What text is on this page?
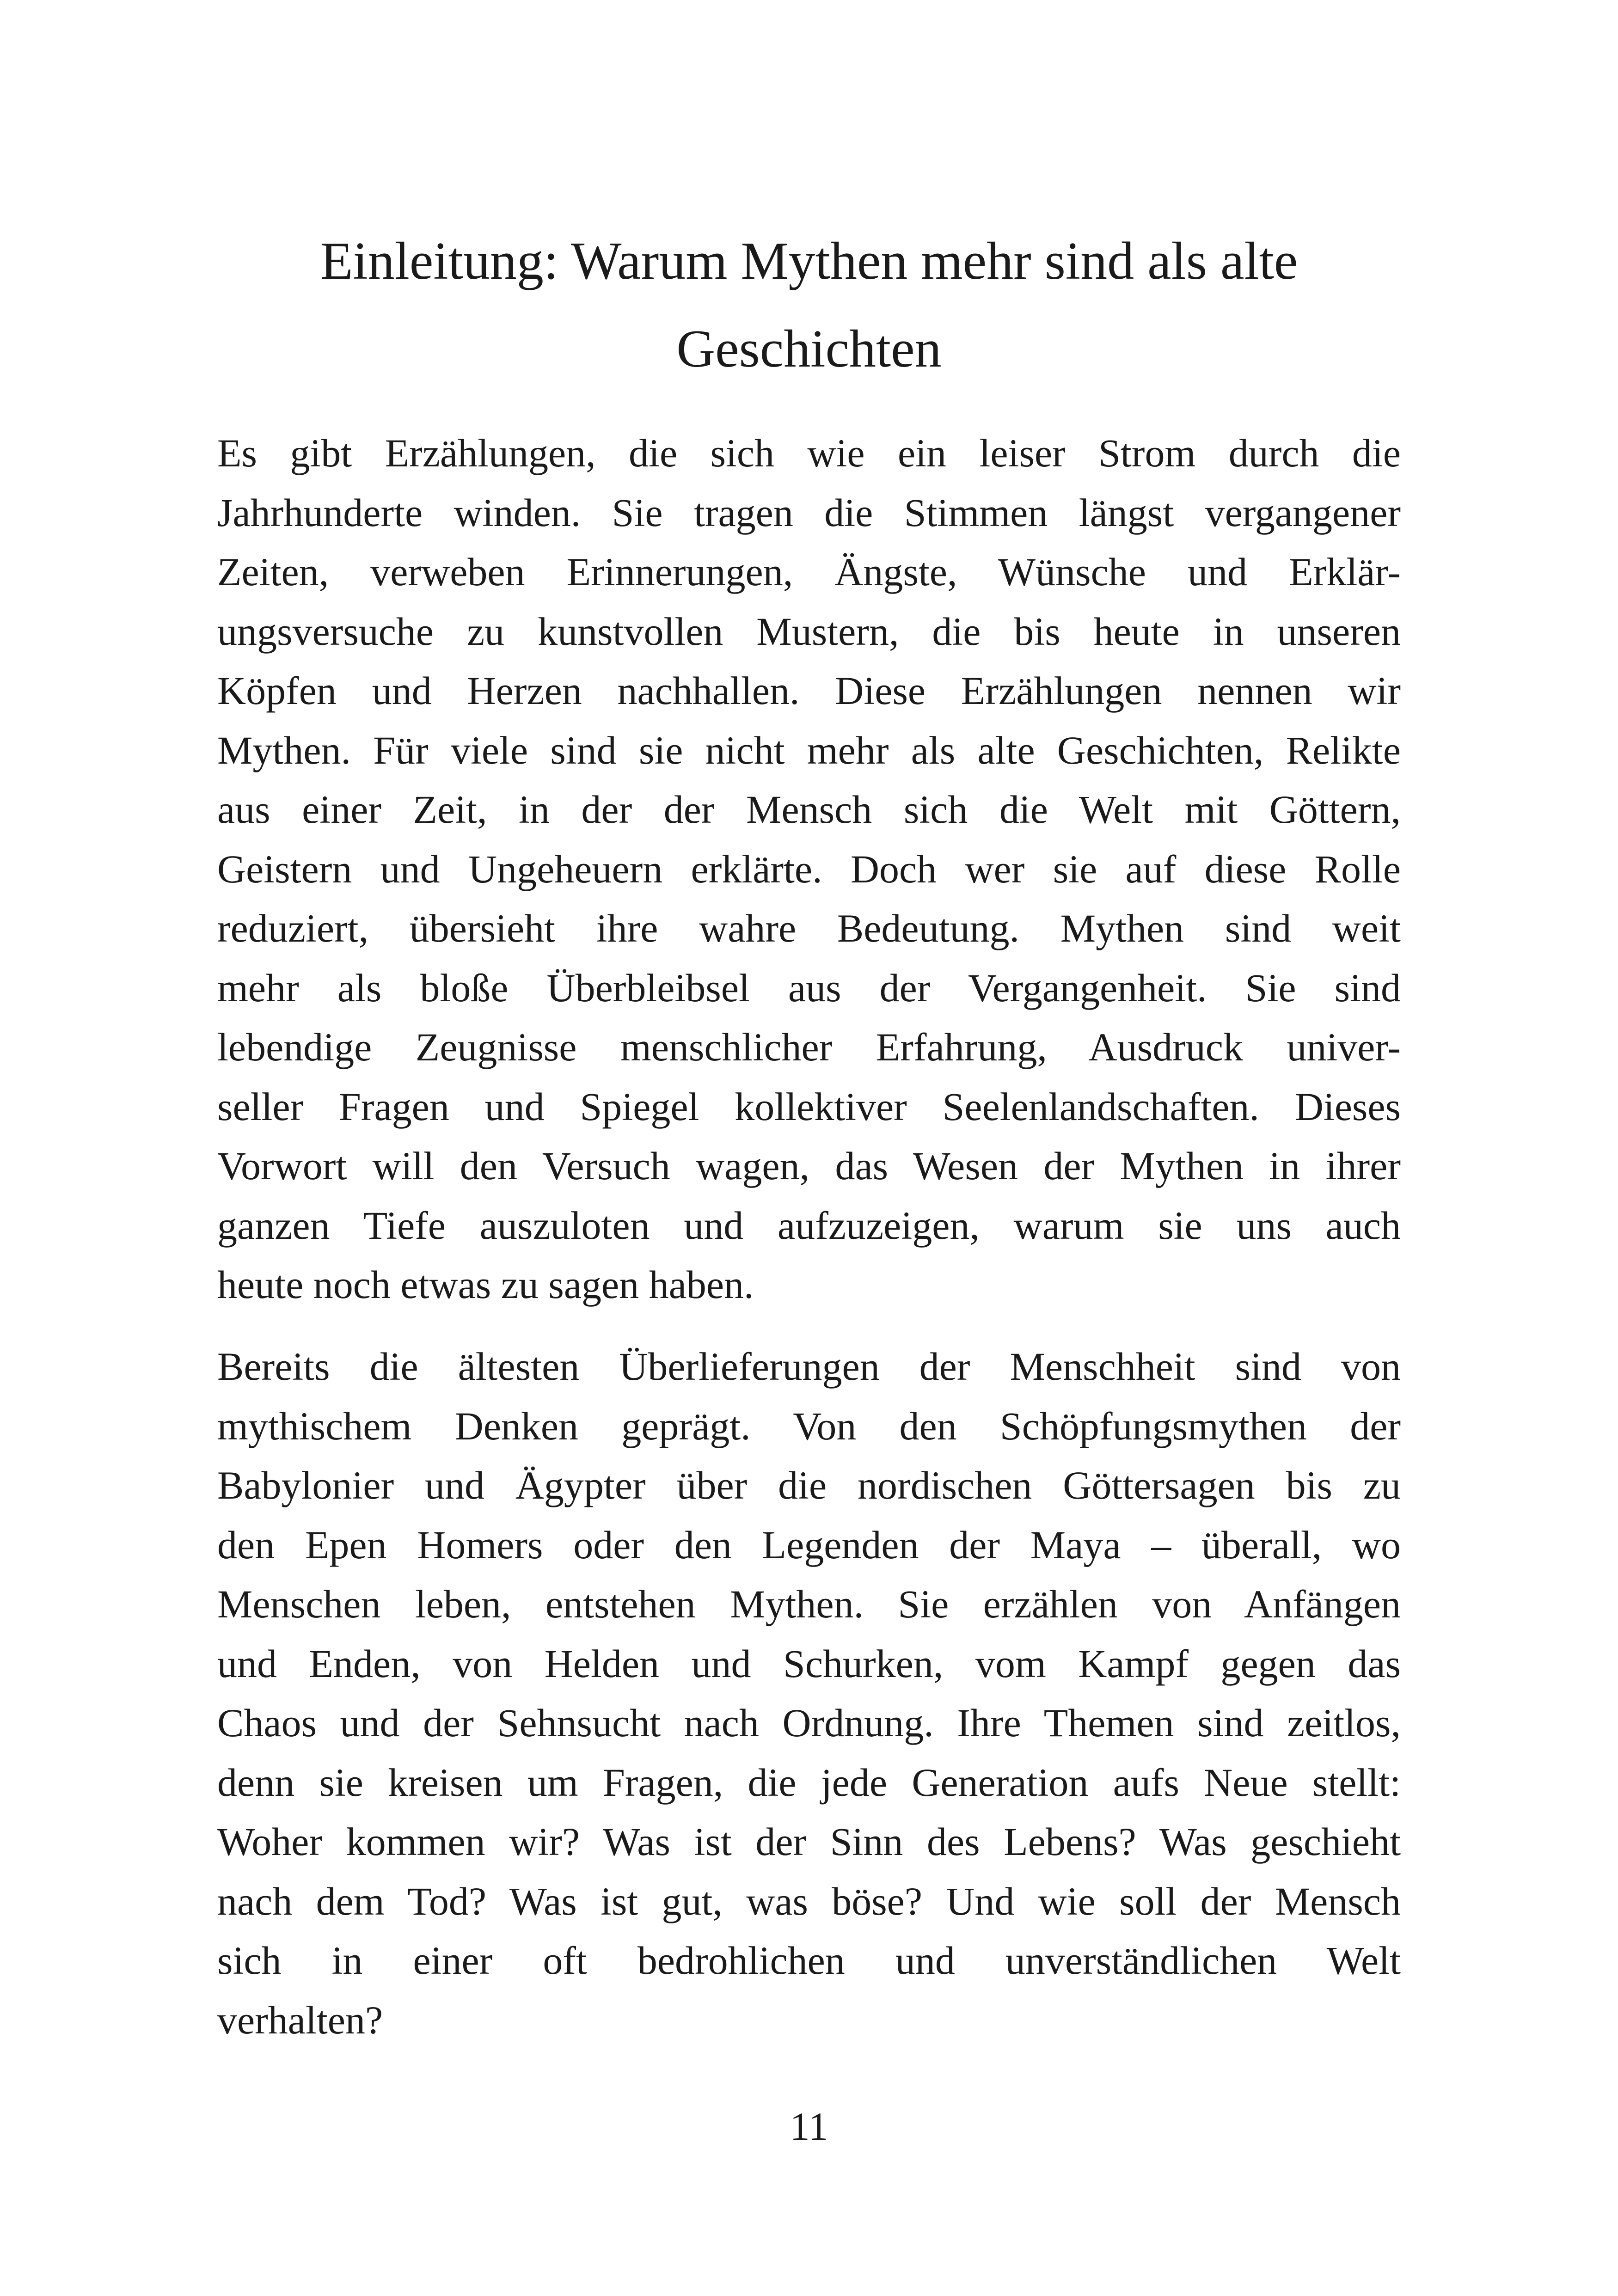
Einleitung: Warum Mythen mehr sind als alte
Geschichten
Es gibt Erzählungen, die sich wie ein leiser Strom durch die
Jahrhunderte winden. Sie tragen die Stimmen längst vergangener
Zeiten, verweben Erinnerungen, Ängste, Wünsche und Erklär-
ungsversuche zu kunstvollen Mustern, die bis heute in unseren
Köpfen und Herzen nachhallen. Diese Erzählungen nennen wir
Mythen. Für viele sind sie nicht mehr als alte Geschichten, Relikte
aus einer Zeit, in der der Mensch sich die Welt mit Göttern,
Geistern und Ungeheuern erklärte. Doch wer sie auf diese Rolle
reduziert, übersieht ihre wahre Bedeutung. Mythen sind weit
mehr als bloße Überbleibsel aus der Vergangenheit. Sie sind
lebendige Zeugnisse menschlicher Erfahrung, Ausdruck univer-
seller Fragen und Spiegel kollektiver Seelenlandschaften. Dieses
Vorwort will den Versuch wagen, das Wesen der Mythen in ihrer
ganzen Tiefe auszuloten und aufzuzeigen, warum sie uns auch
heute noch etwas zu sagen haben.
Bereits die ältesten Überlieferungen der Menschheit sind von
mythischem Denken geprägt. Von den Schöpfungsmythen der
Babylonier und Ägypter über die nordischen Göttersagen bis zu
den Epen Homers oder den Legenden der Maya – überall, wo
Menschen leben, entstehen Mythen. Sie erzählen von Anfängen
und Enden, von Helden und Schurken, vom Kampf gegen das
Chaos und der Sehnsucht nach Ordnung. Ihre Themen sind zeitlos,
denn sie kreisen um Fragen, die jede Generation aufs Neue stellt:
Woher kommen wir? Was ist der Sinn des Lebens? Was geschieht
nach dem Tod? Was ist gut, was böse? Und wie soll der Mensch
sich in einer oft bedrohlichen und unverständlichen Welt
verhalten?
11
